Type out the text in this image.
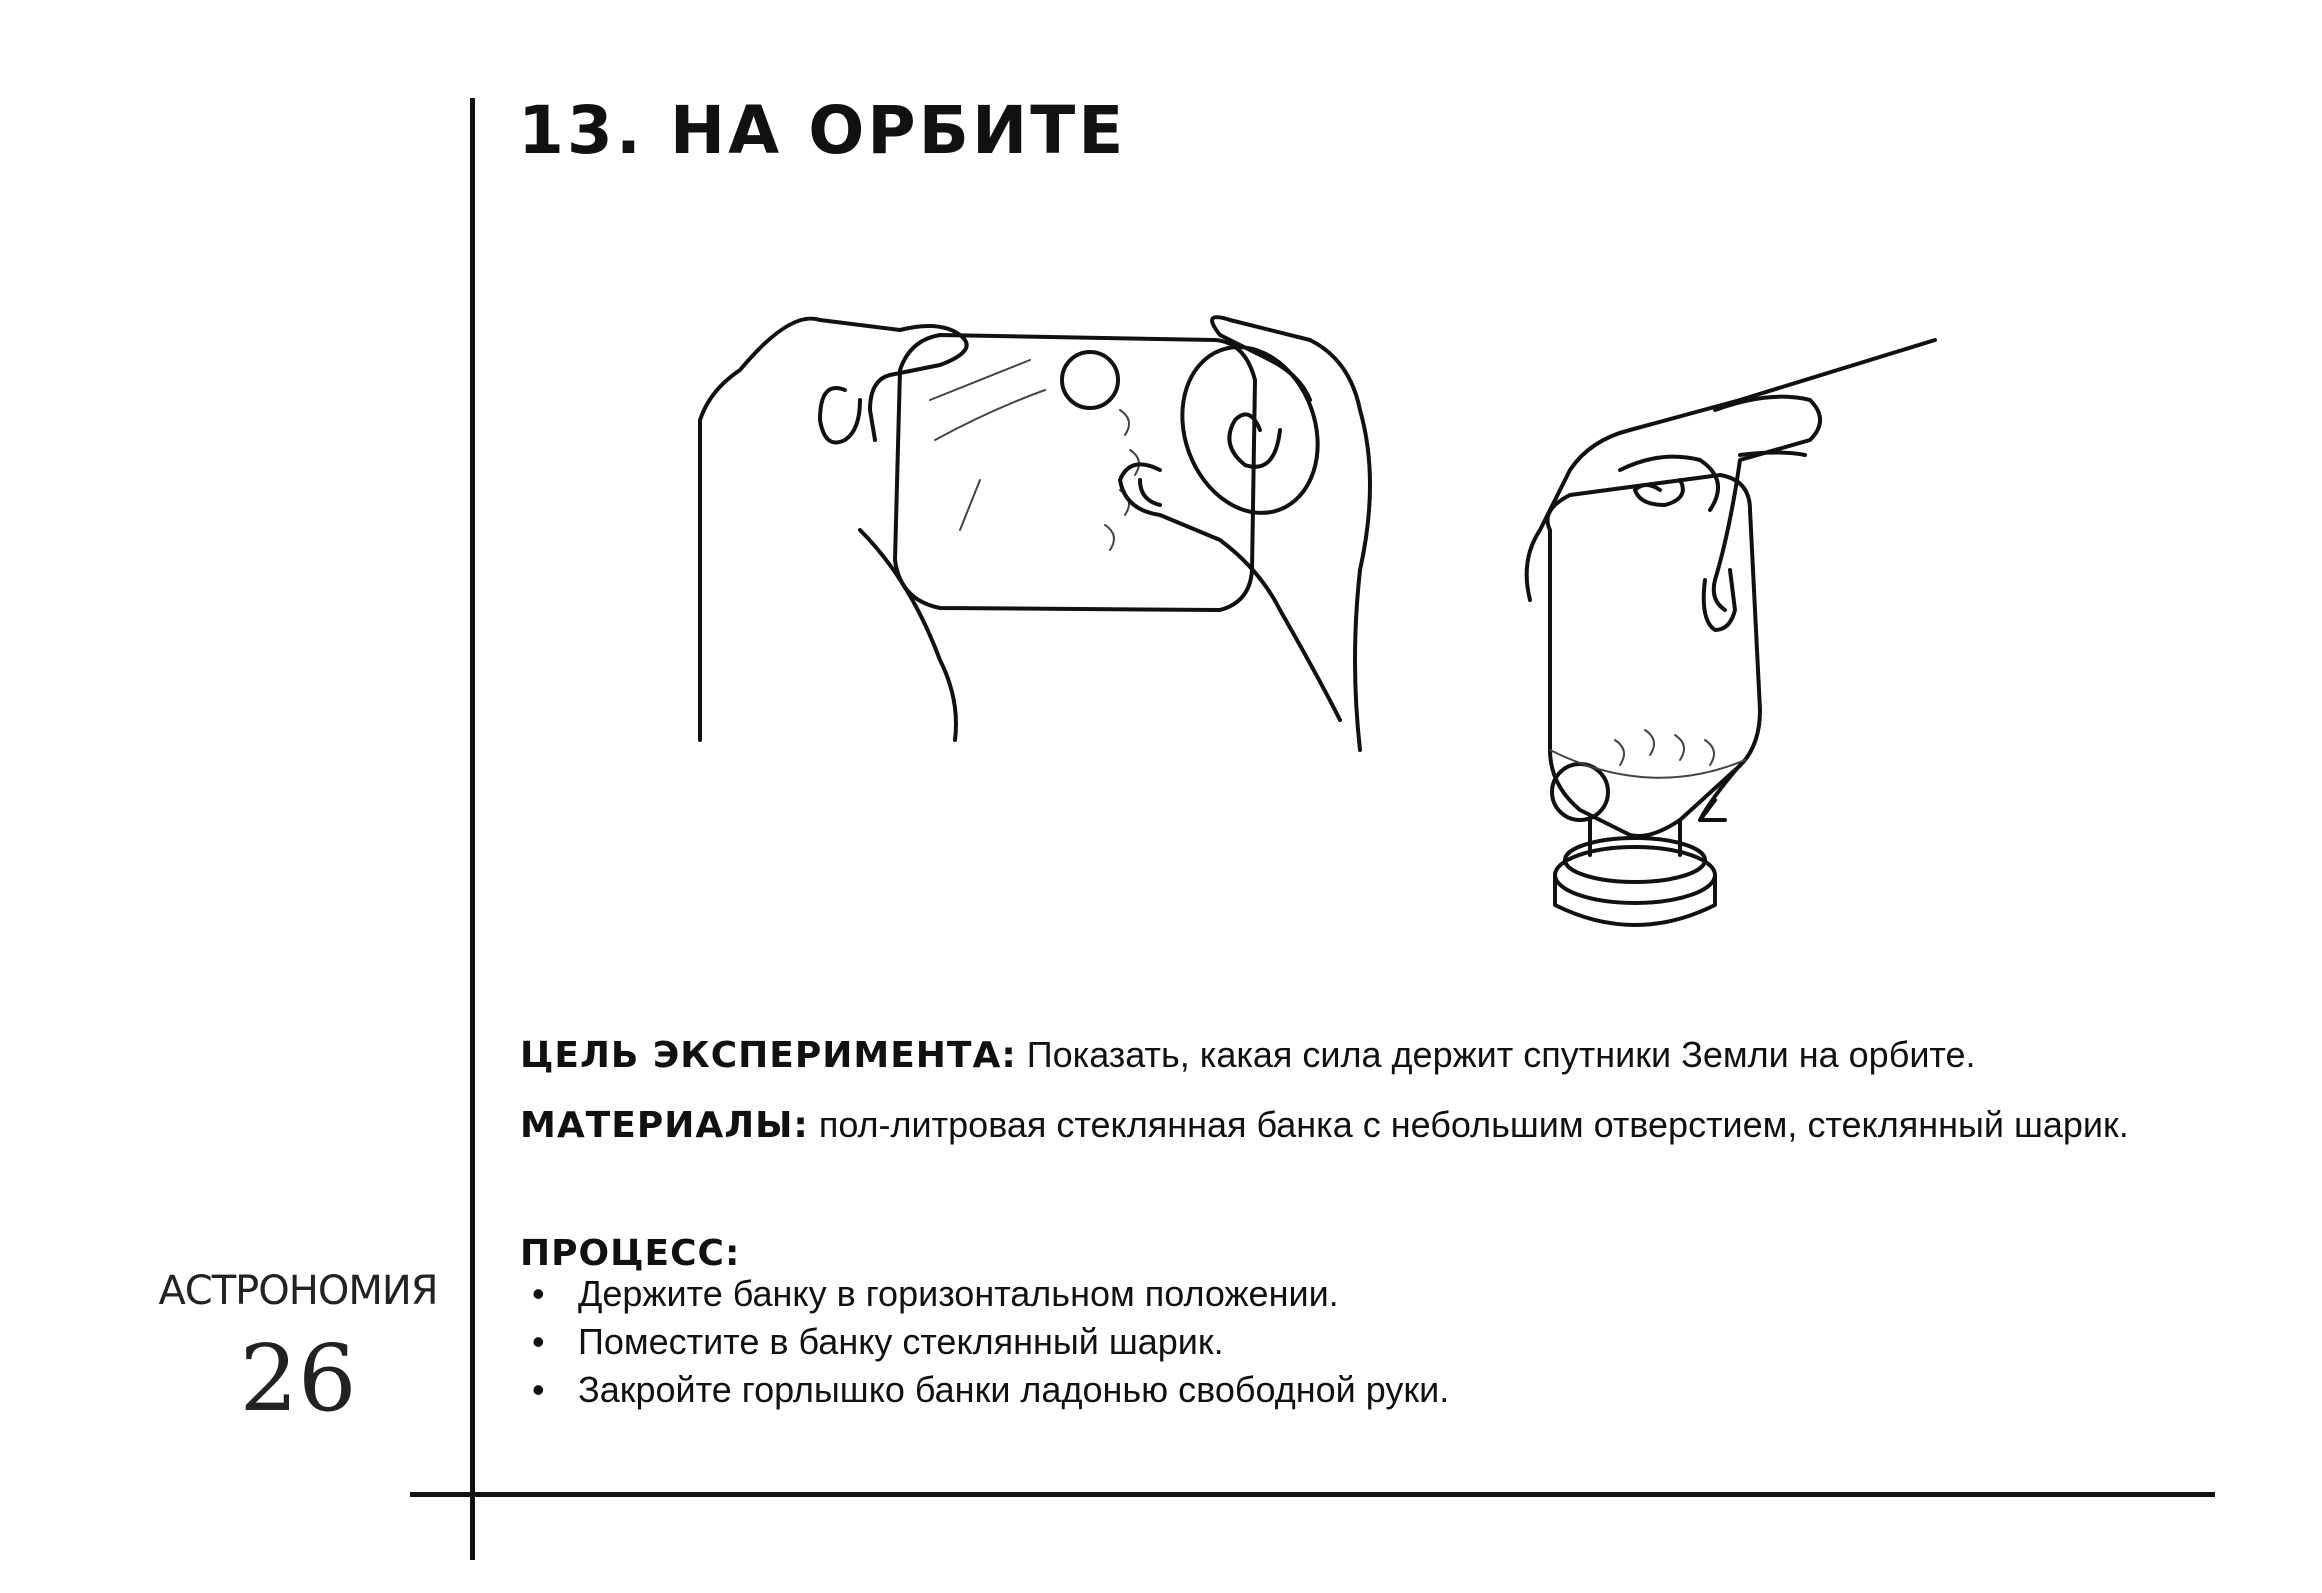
13. НА ОРБИТЕ
ЦЕЛЬ ЭКСПЕРИМЕНТА: Показать, какая сила держит спутники Земли на орбите.
МАТЕРИАЛЫ: пол-литровая стеклянная банка с небольшим отверстием, стеклянный шарик.
ПРОЦЕСС:
• Держите банку в горизонтальном положении.
• Поместите в банку стеклянный шарик.
• Закройте горлышко банки ладонью свободной руки.
АСТРОНОМИЯ
26
